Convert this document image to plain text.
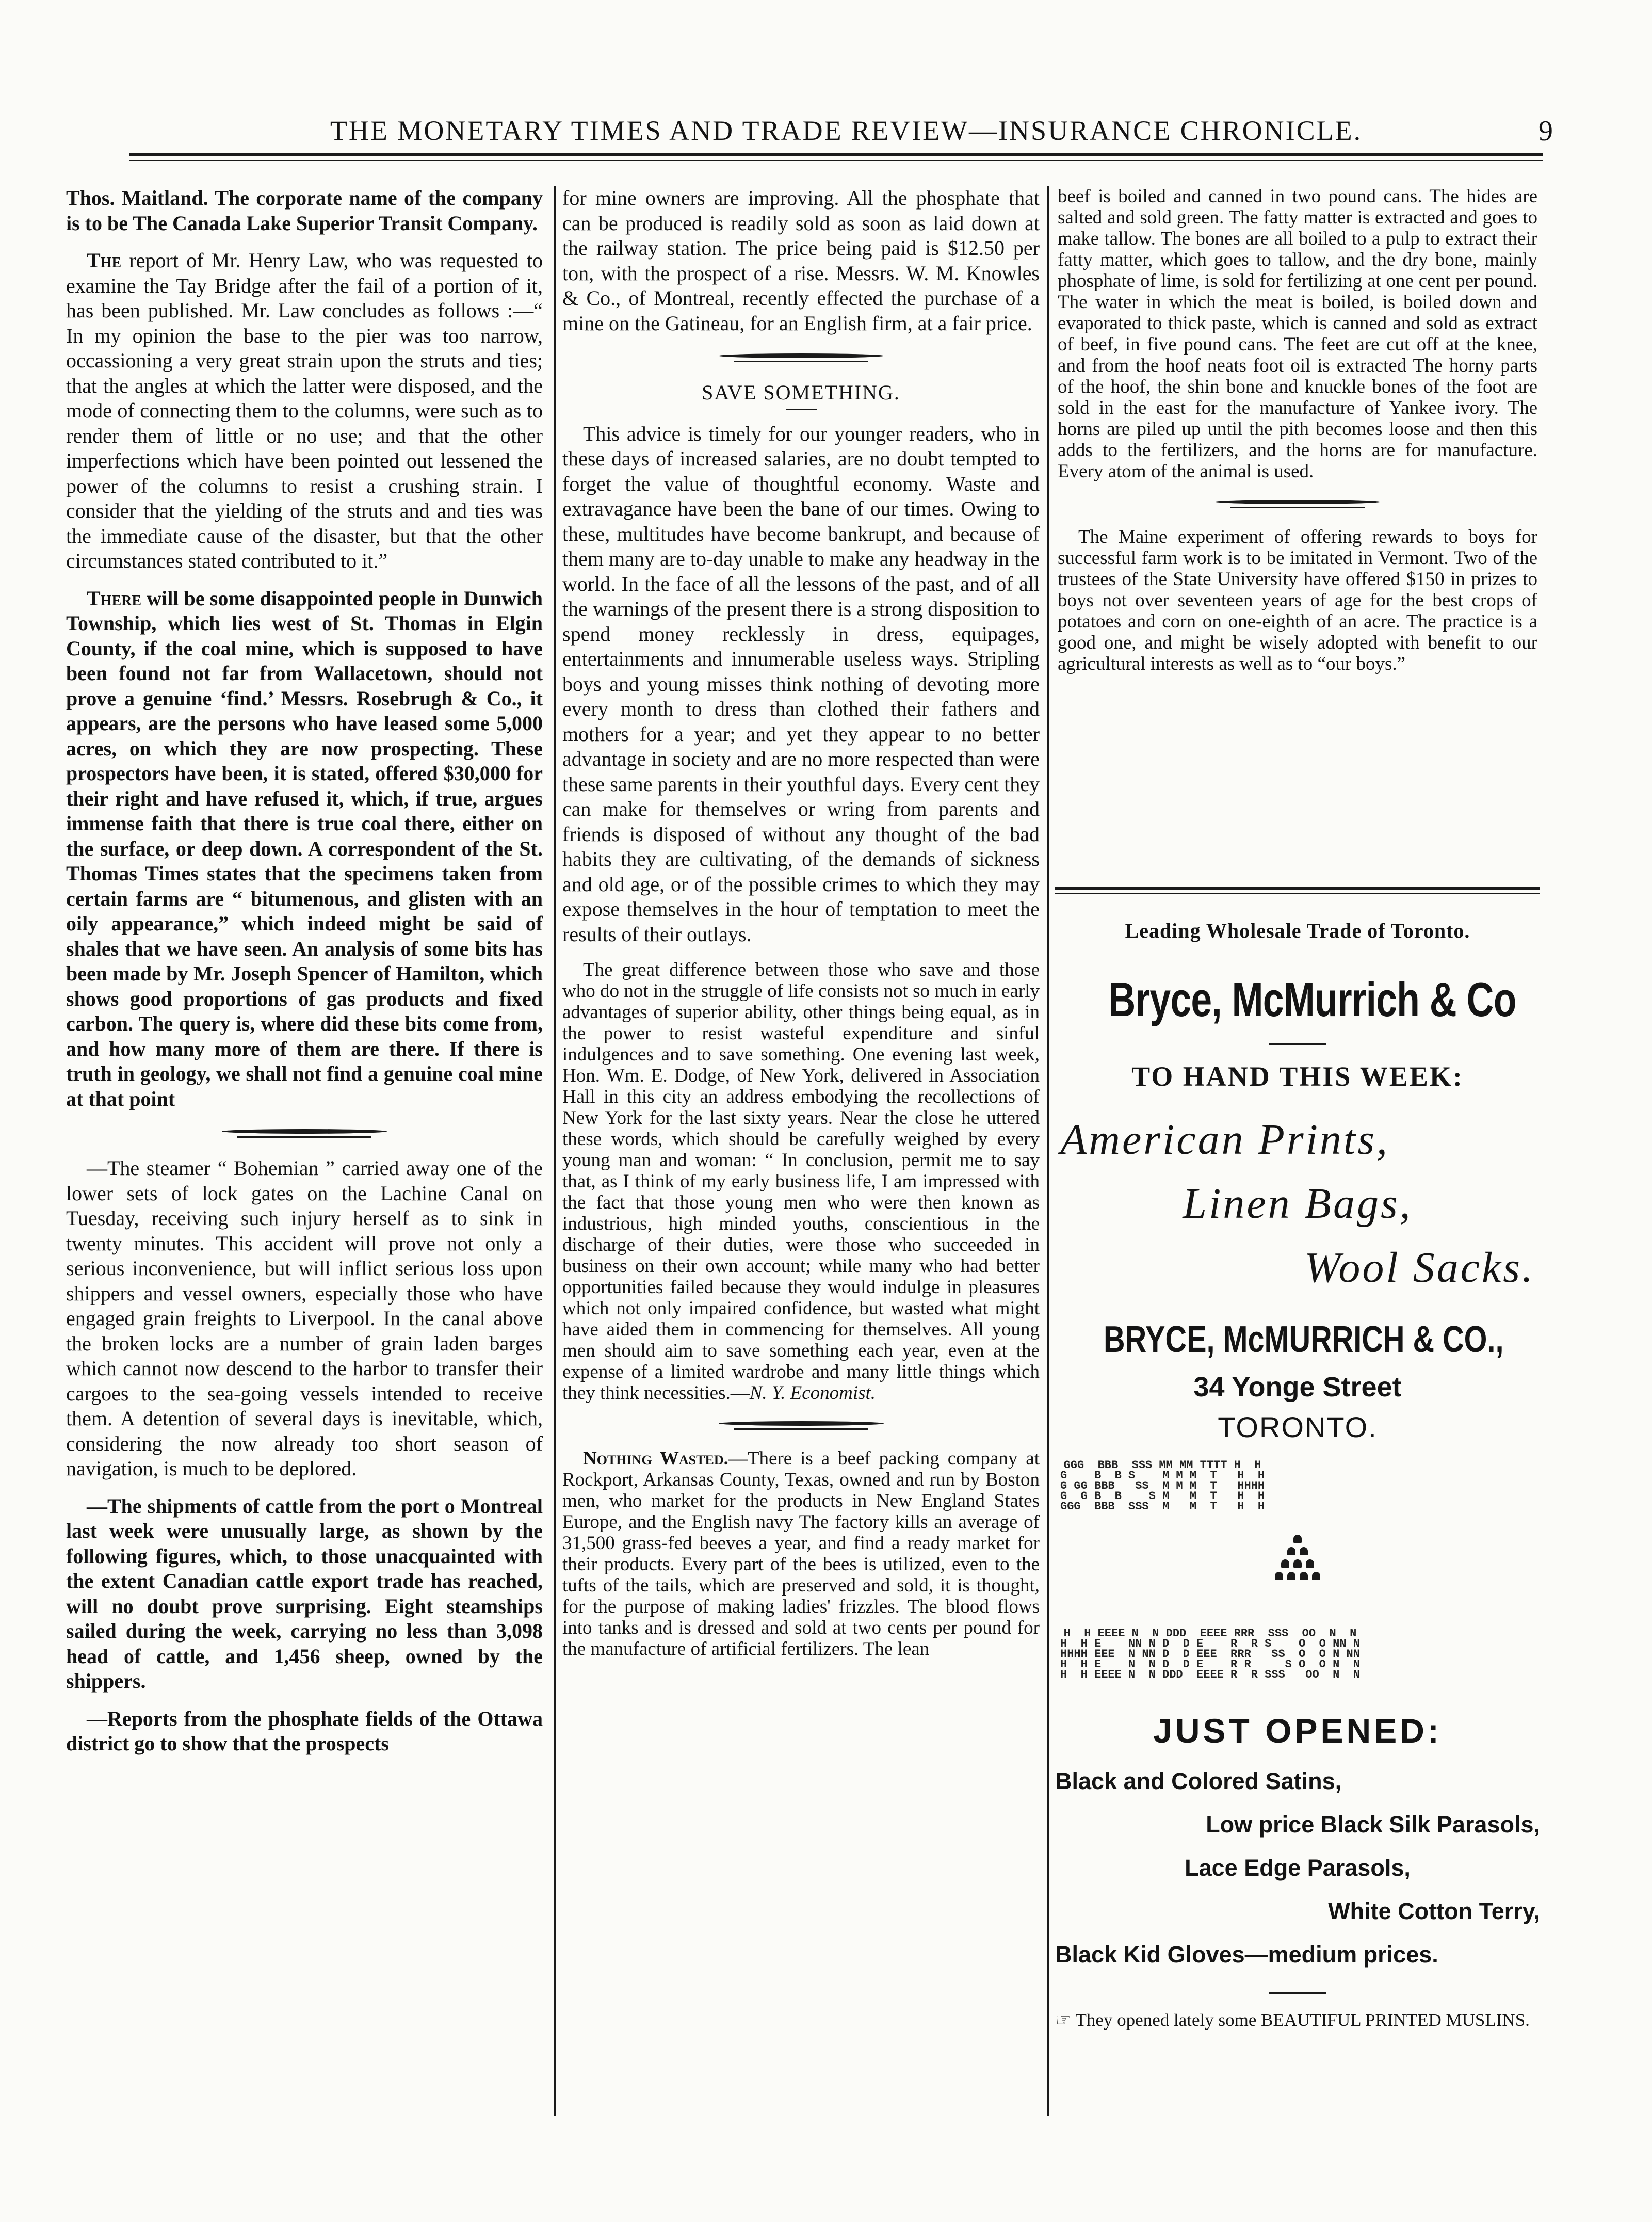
THE MONETARY TIMES AND TRADE REVIEW—INSURANCE CHRONICLE.	9

Thos. Maitland. The corporate name of the company is to be The Canada Lake Superior Transit Company.

The report of Mr. Henry Law, who was requested to examine the Tay Bridge after the fail of a portion of it, has been published. Mr. Law concludes as follows :—“ In my opinion the base to the pier was too narrow, occassioning a very great strain upon the struts and ties; that the angles at which the latter were disposed, and the mode of connecting them to the columns, were such as to render them of little or no use; and that the other imperfections which have been pointed out lessened the power of the columns to resist a crushing strain. I consider that the yielding of the struts and and ties was the immediate cause of the disaster, but that the other circumstances stated contributed to it.”

There will be some disappointed people in Dunwich Township, which lies west of St. Thomas in Elgin County, if the coal mine, which is supposed to have been found not far from Wallacetown, should not prove a genuine ‘find.’ Messrs. Rosebrugh & Co., it appears, are the persons who have leased some 5,000 acres, on which they are now prospecting. These prospectors have been, it is stated, offered $30,000 for their right and have refused it, which, if true, argues immense faith that there is true coal there, either on the surface, or deep down. A correspondent of the St. Thomas Times states that the specimens taken from certain farms are “ bitumenous, and glisten with an oily appearance,” which indeed might be said of shales that we have seen. An analysis of some bits has been made by Mr. Joseph Spencer of Hamilton, which shows good proportions of gas products and fixed carbon. The query is, where did these bits come from, and how many more of them are there. If there is truth in geology, we shall not find a genuine coal mine at that point

—The steamer “ Bohemian ” carried away one of the lower sets of lock gates on the Lachine Canal on Tuesday, receiving such injury herself as to sink in twenty minutes. This accident will prove not only a serious inconvenience, but will inflict serious loss upon shippers and vessel owners, especially those who have engaged grain freights to Liverpool. In the canal above the broken locks are a number of grain laden barges which cannot now descend to the harbor to transfer their cargoes to the sea-going vessels intended to receive them. A detention of several days is inevitable, which, considering the now already too short season of navigation, is much to be deplored.

—The shipments of cattle from the port o Montreal last week were unusually large, as shown by the following figures, which, to those unacquainted with the extent Canadian cattle export trade has reached, will no doubt prove surprising. Eight steamships sailed during the week, carrying no less than 3,098 head of cattle, and 1,456 sheep, owned by the shippers.

—Reports from the phosphate fields of the Ottawa district go to show that the prospects

for mine owners are improving. All the phosphate that can be produced is readily sold as soon as laid down at the railway station. The price being paid is $12.50 per ton, with the prospect of a rise. Messrs. W. M. Knowles & Co., of Montreal, recently effected the purchase of a mine on the Gatineau, for an English firm, at a fair price.

SAVE SOMETHING.

This advice is timely for our younger readers, who in these days of increased salaries, are no doubt tempted to forget the value of thoughtful economy. Waste and extravagance have been the bane of our times. Owing to these, multitudes have become bankrupt, and because of them many are to-day unable to make any headway in the world. In the face of all the lessons of the past, and of all the warnings of the present there is a strong disposition to spend money recklessly in dress, equipages, entertainments and innumerable useless ways. Stripling boys and young misses think nothing of devoting more every month to dress than clothed their fathers and mothers for a year; and yet they appear to no better advantage in society and are no more respected than were these same parents in their youthful days. Every cent they can make for themselves or wring from parents and friends is disposed of without any thought of the bad habits they are cultivating, of the demands of sickness and old age, or of the possible crimes to which they may expose themselves in the hour of temptation to meet the results of their outlays.

The great difference between those who save and those who do not in the struggle of life consists not so much in early advantages of superior ability, other things being equal, as in the power to resist wasteful expenditure and sinful indulgences and to save something. One evening last week, Hon. Wm. E. Dodge, of New York, delivered in Association Hall in this city an address embodying the recollections of New York for the last sixty years. Near the close he uttered these words, which should be carefully weighed by every young man and woman: “ In conclusion, permit me to say that, as I think of my early business life, I am impressed with the fact that those young men who were then known as industrious, high minded youths, conscientious in the discharge of their duties, were those who succeeded in business on their own account; while many who had better opportunities failed because they would indulge in pleasures which not only impaired confidence, but wasted what might have aided them in commencing for themselves. All young men should aim to save something each year, even at the expense of a limited wardrobe and many little things which they think necessities.—N. Y. Economist.

Nothing Wasted.—There is a beef packing company at Rockport, Arkansas County, Texas, owned and run by Boston men, who market for the products in New England States Europe, and the English navy The factory kills an average of 31,500 grass-fed beeves a year, and find a ready market for their products. Every part of the bees is utilized, even to the tufts of the tails, which are preserved and sold, it is thought, for the purpose of making ladies' frizzles. The blood flows into tanks and is dressed and sold at two cents per pound for the manufacture of artificial fertilizers. The lean

beef is boiled and canned in two pound cans. The hides are salted and sold green. The fatty matter is extracted and goes to make tallow. The bones are all boiled to a pulp to extract their fatty matter, which goes to tallow, and the dry bone, mainly phosphate of lime, is sold for fertilizing at one cent per pound. The water in which the meat is boiled, is boiled down and evaporated to thick paste, which is canned and sold as extract of beef, in five pound cans. The feet are cut off at the knee, and from the hoof neats foot oil is extracted The horny parts of the hoof, the shin bone and knuckle bones of the foot are sold in the east for the manufacture of Yankee ivory. The horns are piled up until the pith becomes loose and then this adds to the fertilizers, and the horns are for manufacture. Every atom of the animal is used.

The Maine experiment of offering rewards to boys for successful farm work is to be imitated in Vermont. Two of the trustees of the State University have offered $150 in prizes to boys not over seventeen years of age for the best crops of potatoes and corn on one-eighth of an acre. The practice is a good one, and might be wisely adopted with benefit to our agricultural interests as well as to “our boys.”

Leading Wholesale Trade of Toronto.
Bryce, McMurrich & Co
TO HAND THIS WEEK:
American Prints,
Linen Bags,
Wool Sacks.
BRYCE, McMURRICH & CO.,
34 Yonge Street
TORONTO.
GGG  BBB  SSS MM MM TTTT H  H
G    B  B S    M M M  T   H  H
G GG BBB   SS  M M M  T   HHHH
G  G B  B    S M   M  T   H  H
GGG  BBB  SSS  M   M  T   H  H
H  H EEEE N  N DDD  EEEE RRR  SSS  OO  N  N
H  H E    NN N D  D E    R  R S    O  O NN N
HHHH EEE  N NN D  D EEE  RRR   SS  O  O N NN
H  H E    N  N D  D E    R R     S O  O N  N
H  H EEEE N  N DDD  EEEE R  R SSS   OO  N  N
JUST OPENED:
Black and Colored Satins,
Low price Black Silk Parasols,
Lace Edge Parasols,
White Cotton Terry,
Black Kid Gloves—medium prices.
☞ They opened lately some BEAUTIFUL PRINTED MUSLINS.
